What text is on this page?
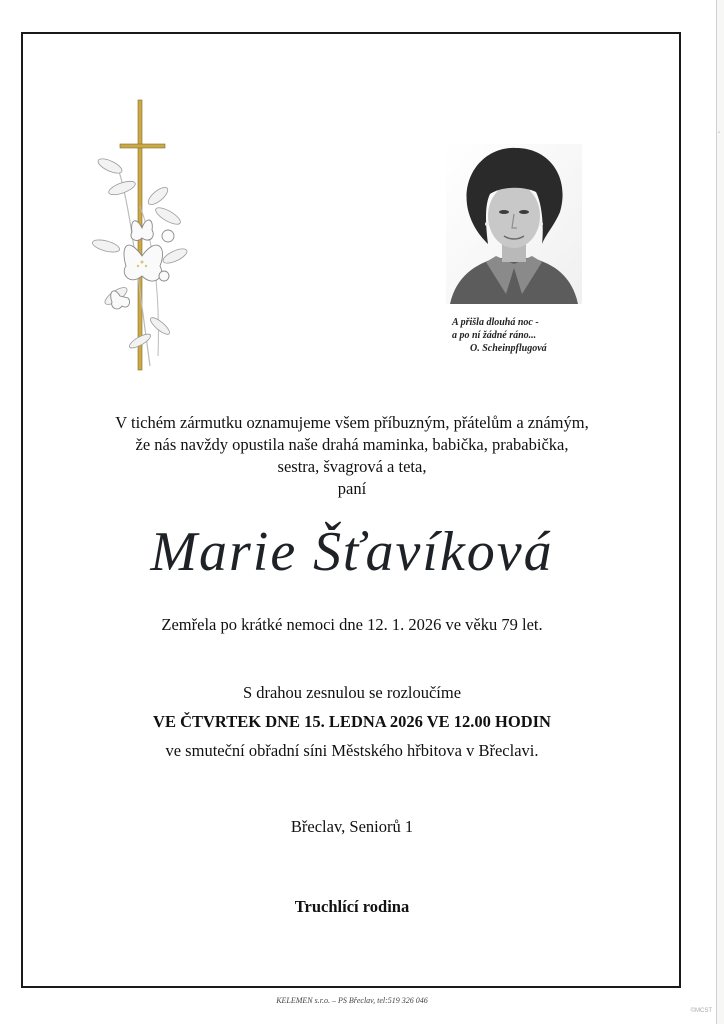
▪
A přišla dlouhá noc -
a po ní žádné ráno...
O. Scheinpflugová
V tichém zármutku oznamujeme všem příbuzným, přátelům a známým,
že nás navždy opustila naše drahá maminka, babička, prababička,
sestra, švagrová a teta,
paní
Marie Šťavíková
Zemřela po krátké nemoci dne 12. 1. 2026 ve věku 79 let.
S drahou zesnulou se rozloučíme
VE ČTVRTEK DNE 15. LEDNA 2026 VE 12.00 HODIN
ve smuteční obřadní síni Městského hřbitova v Břeclavi.
Břeclav, Seniorů 1
Truchlící rodina
KELEMEN s.r.o. – PS Břeclav, tel:519 326 046
©MCST
